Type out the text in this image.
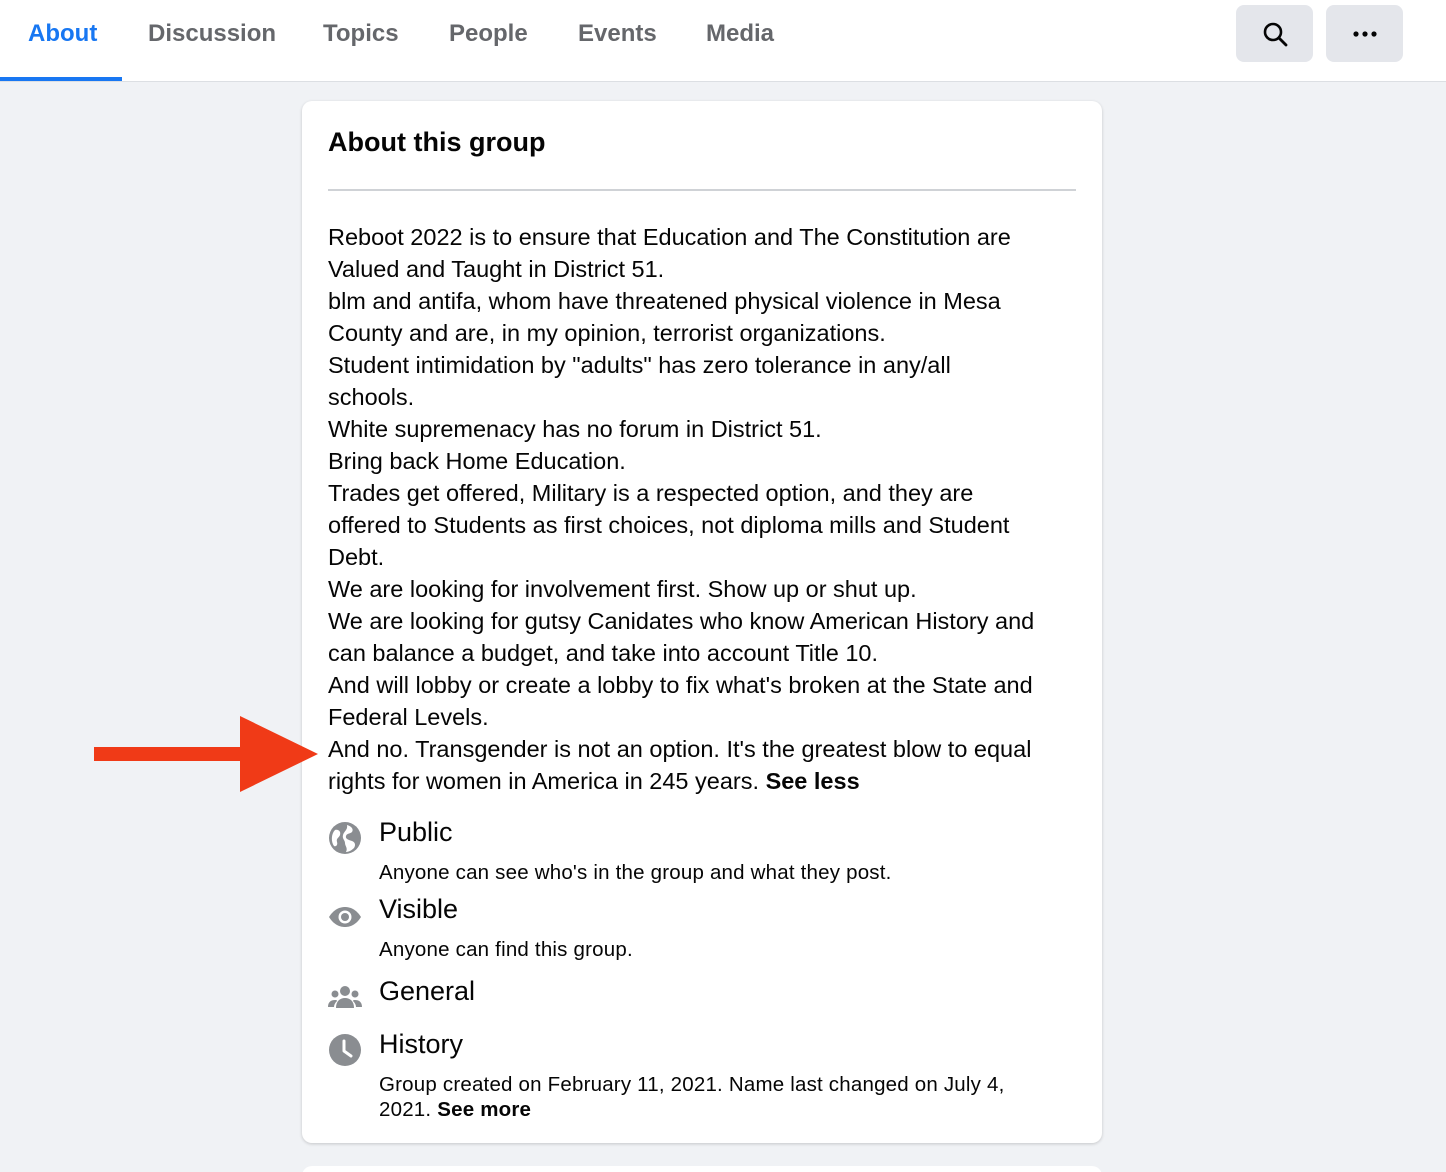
About Discussion Topics People Events Media
About this group
Reboot 2022 is to ensure that Education and The Constitution are
Valued and Taught in District 51.
blm and antifa, whom have threatened physical violence in Mesa
County and are, in my opinion, terrorist organizations.
Student intimidation by "adults" has zero tolerance in any/all
schools.
White supremenacy has no forum in District 51.
Bring back Home Education.
Trades get offered, Military is a respected option, and they are
offered to Students as first choices, not diploma mills and Student
Debt.
We are looking for involvement first. Show up or shut up.
We are looking for gutsy Canidates who know American History and
can balance a budget, and take into account Title 10.
And will lobby or create a lobby to fix what's broken at the State and
Federal Levels.
And no. Transgender is not an option. It's the greatest blow to equal
rights for women in America in 245 years. See less
Public
Anyone can see who's in the group and what they post.
Visible
Anyone can find this group.
General
History
Group created on February 11, 2021. Name last changed on July 4,
2021. See more
